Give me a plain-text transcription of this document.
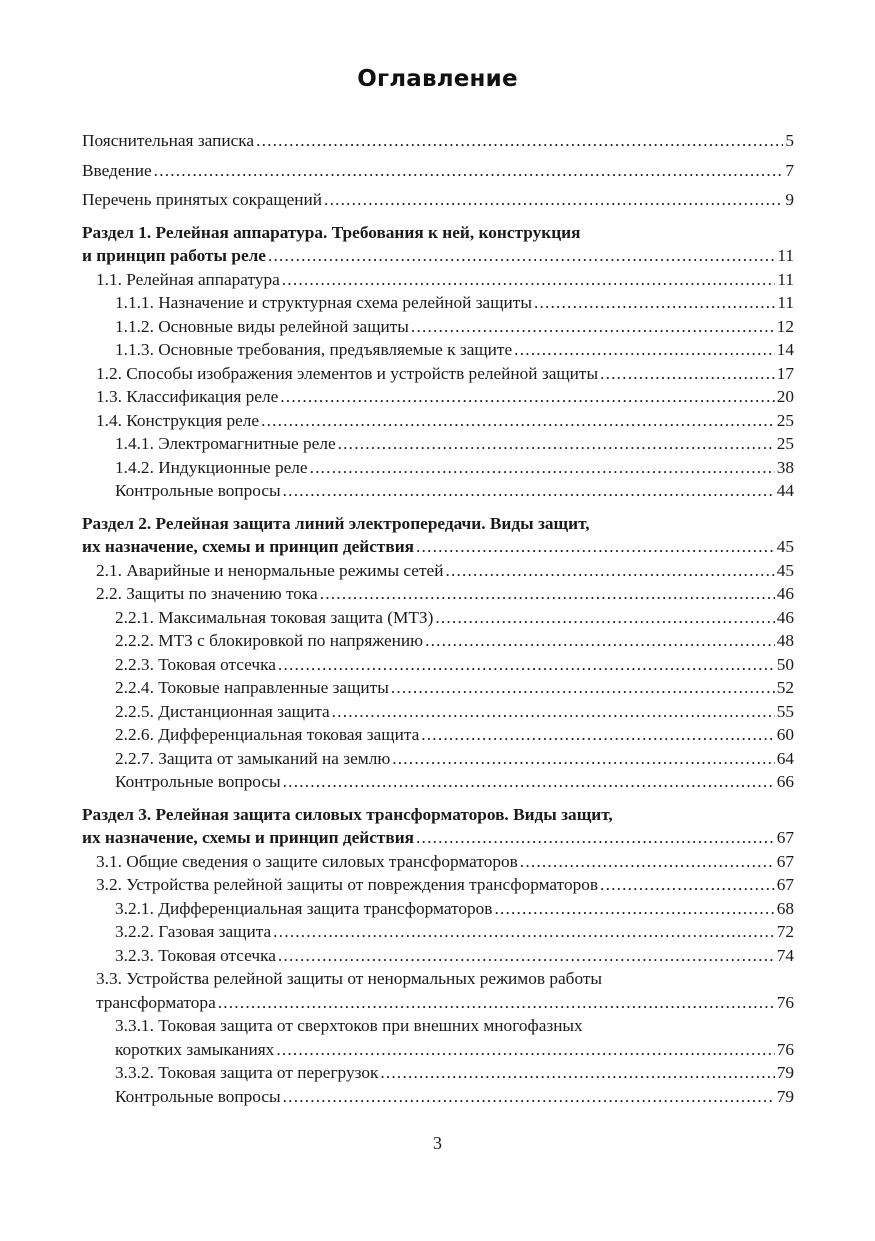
Оглавление
Пояснительная записка .....	5
Введение .....	7
Перечень принятых сокращений .....	9
Раздел 1. Релейная аппаратура. Требования к ней, конструкция
и принцип работы реле .....	11
1.1. Релейная аппаратура .....	11
1.1.1. Назначение и структурная схема релейной защиты .....	11
1.1.2. Основные виды релейной защиты .....	12
1.1.3. Основные требования, предъявляемые к защите .....	14
1.2. Способы изображения элементов и устройств релейной защиты .....	17
1.3. Классификация реле .....	20
1.4. Конструкция реле .....	25
1.4.1. Электромагнитные реле .....	25
1.4.2. Индукционные реле .....	38
Контрольные вопросы .....	44
Раздел 2. Релейная защита линий электропередачи. Виды защит,
их назначение, схемы и принцип действия .....	45
2.1. Аварийные и ненормальные режимы сетей .....	45
2.2. Защиты по значению тока .....	46
2.2.1. Максимальная токовая защита (МТЗ) .....	46
2.2.2. МТЗ с блокировкой по напряжению .....	48
2.2.3. Токовая отсечка .....	50
2.2.4. Токовые направленные защиты .....	52
2.2.5. Дистанционная защита .....	55
2.2.6. Дифференциальная токовая защита .....	60
2.2.7. Защита от замыканий на землю .....	64
Контрольные вопросы .....	66
Раздел 3. Релейная защита силовых трансформаторов. Виды защит,
их назначение, схемы и принцип действия .....	67
3.1. Общие сведения о защите силовых трансформаторов .....	67
3.2. Устройства релейной защиты от повреждения трансформаторов .....	67
3.2.1. Дифференциальная защита трансформаторов .....	68
3.2.2. Газовая защита .....	72
3.2.3. Токовая отсечка .....	74
3.3. Устройства релейной защиты от ненормальных режимов работы
трансформатора .....	76
3.3.1. Токовая защита от сверхтоков при внешних многофазных
коротких замыканиях .....	76
3.3.2. Токовая защита от перегрузок .....	79
Контрольные вопросы .....	79
3
